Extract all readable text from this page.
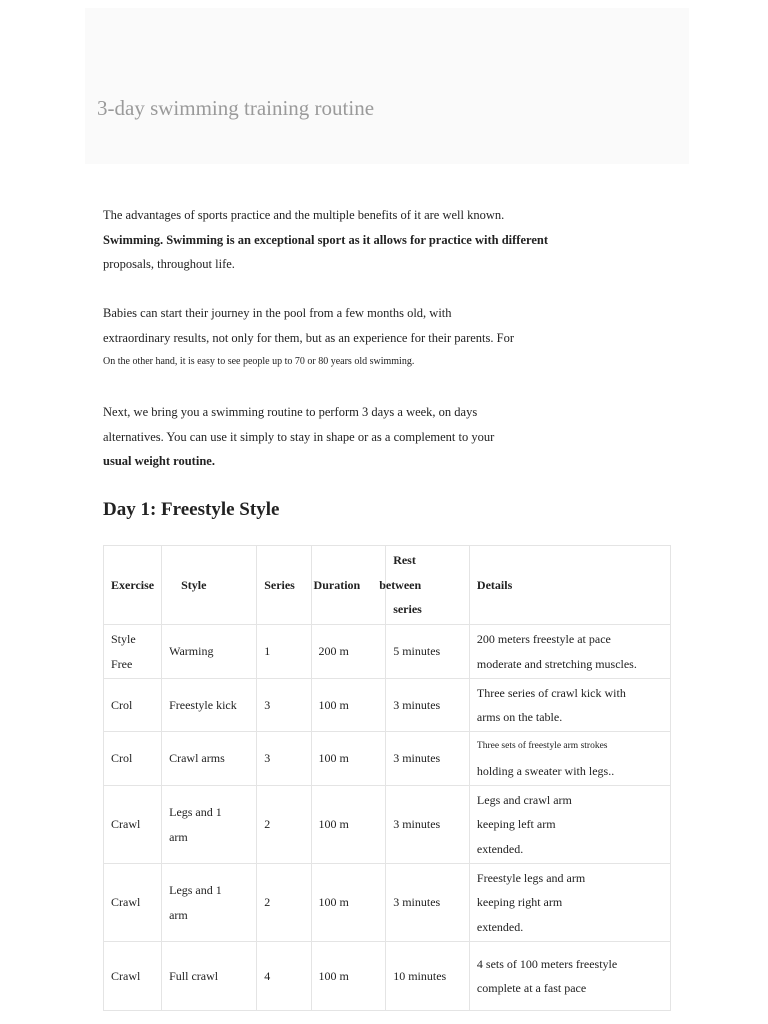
3-day swimming training routine

The advantages of sports practice and the multiple benefits of it are well known.
Swimming. Swimming is an exceptional sport as it allows for practice with different
proposals, throughout life.

Babies can start their journey in the pool from a few months old, with
extraordinary results, not only for them, but as an experience for their parents. For
On the other hand, it is easy to see people up to 70 or 80 years old swimming.

Next, we bring you a swimming routine to perform 3 days a week, on days
alternatives. You can use it simply to stay in shape or as a complement to your
usual weight routine.

Day 1: Freestyle Style
Exercise	Style	Series	Duration	Rest
between
series	Details

Style
Free	Warming	1	200 m	5 minutes	200 meters freestyle at pace
moderate and stretching muscles.

Crol	Freestyle kick	3	100 m	3 minutes	Three series of crawl kick with
arms on the table.

Crol	Crawl arms	3	100 m	3 minutes	Three sets of freestyle arm strokes
holding a sweater with legs..

Crawl	Legs and 1
arm	2	100 m	3 minutes	Legs and crawl arm
keeping left arm
extended.

Crawl	Legs and 1
arm	2	100 m	3 minutes	Freestyle legs and arm
keeping right arm
extended.

Crawl	Full crawl	4	100 m	10 minutes	4 sets of 100 meters freestyle
complete at a fast pace
